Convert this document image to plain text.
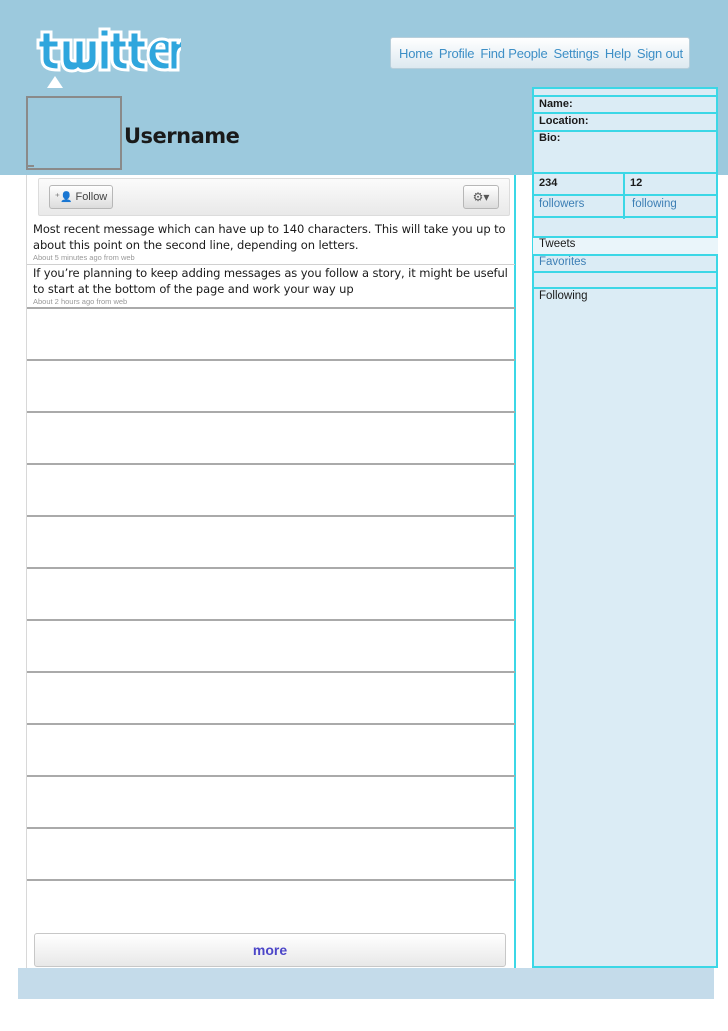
Home Profile Find People Settings Help Sign out
Username
⁺👤 Follow	⚙▾
Most recent message which can have up to 140 characters. This will take you up to about this point on the second line, depending on letters.
About 5 minutes ago from web
If you’re planning to keep adding messages as you follow a story, it might be useful to start at the bottom of the page and work your way up
About 2 hours ago from web
more
Name:
Location:
Bio:
234	12
followers	following
Tweets
Favorites
Following
